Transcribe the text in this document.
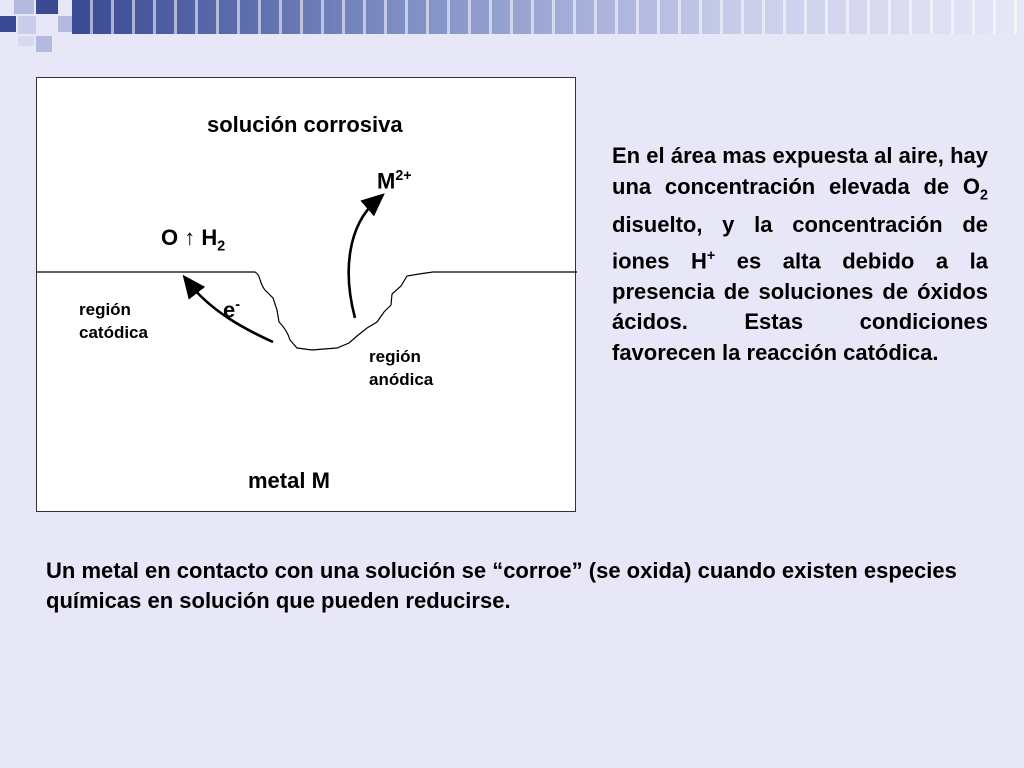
solución corrosiva
$M^{2+}$
O ↑ $H_2$
e-
región
catódica
región
anódica
metal M
En el área mas expuesta al aire, hay una concentración elevada de $O_2$ disuelto, y la concentración de iones H+ es alta debido a la presencia de soluciones de óxidos ácidos. Estas condiciones favorecen la reacción catódica.
Un metal en contacto con una solución se “corroe” (se oxida) cuando existen especies químicas en solución que pueden reducirse.
